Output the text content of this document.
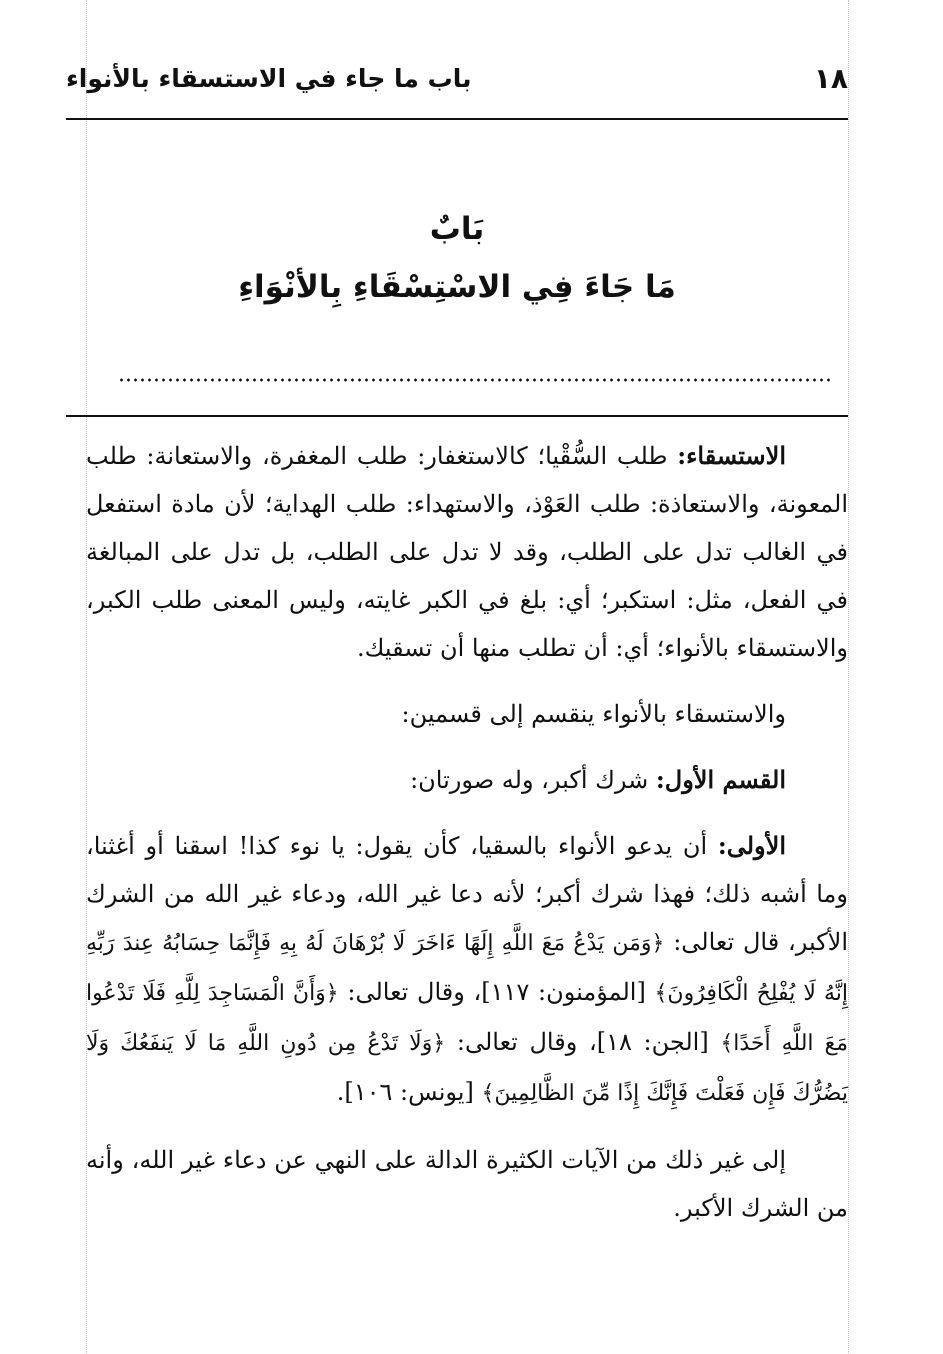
١٨
باب ما جاء في الاستسقاء بالأنواء
بَابٌ
مَا جَاءَ فِي الاسْتِسْقَاءِ بِالأنْوَاءِ

الاستسقاء: طلب السُّقْيا؛ كالاستغفار: طلب المغفرة، والاستعانة: طلب المعونة، والاستعاذة: طلب العَوْذ، والاستهداء: طلب الهداية؛ لأن مادة استفعل في الغالب تدل على الطلب، وقد لا تدل على الطلب، بل تدل على المبالغة في الفعل، مثل: استكبر؛ أي: بلغ في الكبر غايته، وليس المعنى طلب الكبر، والاستسقاء بالأنواء؛ أي: أن تطلب منها أن تسقيك.

والاستسقاء بالأنواء ينقسم إلى قسمين:

القسم الأول: شرك أكبر، وله صورتان:

الأولى: أن يدعو الأنواء بالسقيا، كأن يقول: يا نوء كذا! اسقنا أو أغثنا، وما أشبه ذلك؛ فهذا شرك أكبر؛ لأنه دعا غير الله، ودعاء غير الله من الشرك الأكبر، قال تعالى: ﴿وَمَن يَدْعُ مَعَ اللَّهِ إِلَهًا ءَاخَرَ لَا بُرْهَانَ لَهُ بِهِ فَإِنَّمَا حِسَابُهُ عِندَ رَبِّهِ إِنَّهُ لَا يُفْلِحُ الْكَافِرُونَ﴾ [المؤمنون: ١١٧]، وقال تعالى: ﴿وَأَنَّ الْمَسَاجِدَ لِلَّهِ فَلَا تَدْعُوا مَعَ اللَّهِ أَحَدًا﴾ [الجن: ١٨]، وقال تعالى: ﴿وَلَا تَدْعُ مِن دُونِ اللَّهِ مَا لَا يَنفَعُكَ وَلَا يَضُرُّكَ فَإِن فَعَلْتَ فَإِنَّكَ إِذًا مِّنَ الظَّالِمِينَ﴾ [يونس: ١٠٦].

إلى غير ذلك من الآيات الكثيرة الدالة على النهي عن دعاء غير الله، وأنه من الشرك الأكبر.
